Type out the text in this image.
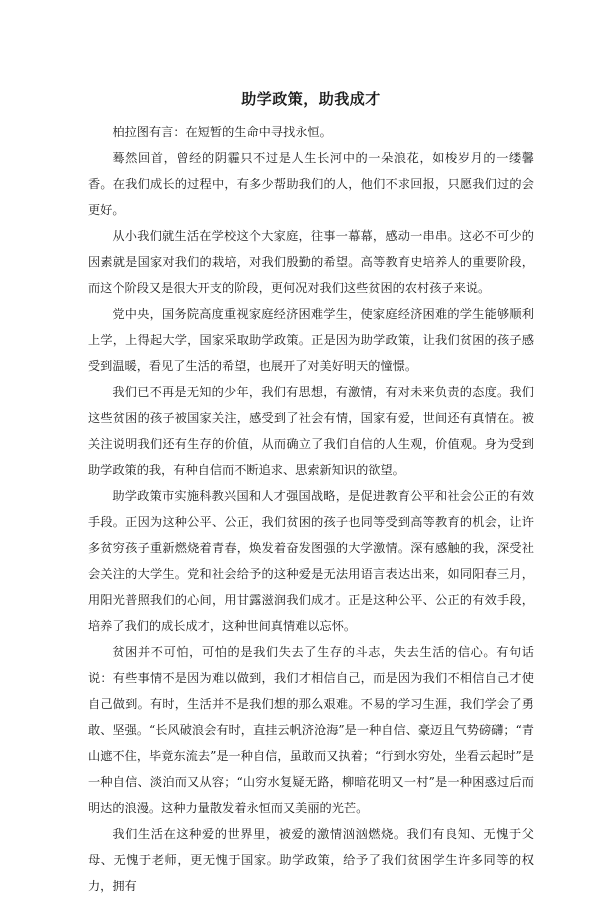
助学政策，助我成才

柏拉图有言：在短暂的生命中寻找永恒。

蓦然回首，曾经的阴霾只不过是人生长河中的一朵浪花，如梭岁月的一缕馨香。在我们成长的过程中，有多少帮助我们的人，他们不求回报，只愿我们过的会更好。

从小我们就生活在学校这个大家庭，往事一幕幕，感动一串串。这必不可少的因素就是国家对我们的栽培，对我们殷勤的希望。高等教育史培养人的重要阶段，而这个阶段又是很大开支的阶段，更何况对我们这些贫困的农村孩子来说。

党中央，国务院高度重视家庭经济困难学生，使家庭经济困难的学生能够顺利上学，上得起大学，国家采取助学政策。正是因为助学政策，让我们贫困的孩子感受到温暖，看见了生活的希望，也展开了对美好明天的憧憬。

我们已不再是无知的少年，我们有思想，有激情，有对未来负责的态度。我们这些贫困的孩子被国家关注，感受到了社会有情，国家有爱，世间还有真情在。被关注说明我们还有生存的价值，从而确立了我们自信的人生观，价值观。身为受到助学政策的我，有种自信而不断追求、思索新知识的欲望。

助学政策市实施科教兴国和人才强国战略，是促进教育公平和社会公正的有效手段。正因为这种公平、公正，我们贫困的孩子也同等受到高等教育的机会，让许多贫穷孩子重新燃烧着青春，焕发着奋发图强的大学激情。深有感触的我，深受社会关注的大学生。党和社会给予的这种爱是无法用语言表达出来，如同阳春三月，用阳光普照我们的心间，用甘露滋润我们成才。正是这种公平、公正的有效手段，培养了我们的成长成才，这种世间真情难以忘怀。

贫困并不可怕，可怕的是我们失去了生存的斗志，失去生活的信心。有句话说：有些事情不是因为难以做到，我们才相信自己，而是因为我们不相信自己才使自己做到。有时，生活并不是我们想的那么艰难。不易的学习生涯，我们学会了勇敢、坚强。“长风破浪会有时，直挂云帆济沧海”是一种自信、豪迈且气势磅礴；“青山遮不住，毕竟东流去”是一种自信，虽敢而又执着；“行到水穷处，坐看云起时”是一种自信、淡泊而又从容；“山穷水复疑无路，柳暗花明又一村”是一种困惑过后而明达的浪漫。这种力量散发着永恒而又美丽的光芒。

我们生活在这种爱的世界里，被爱的激情汹汹燃烧。我们有良知、无愧于父母、无愧于老师，更无愧于国家。助学政策，给予了我们贫困学生许多同等的权力，拥有
